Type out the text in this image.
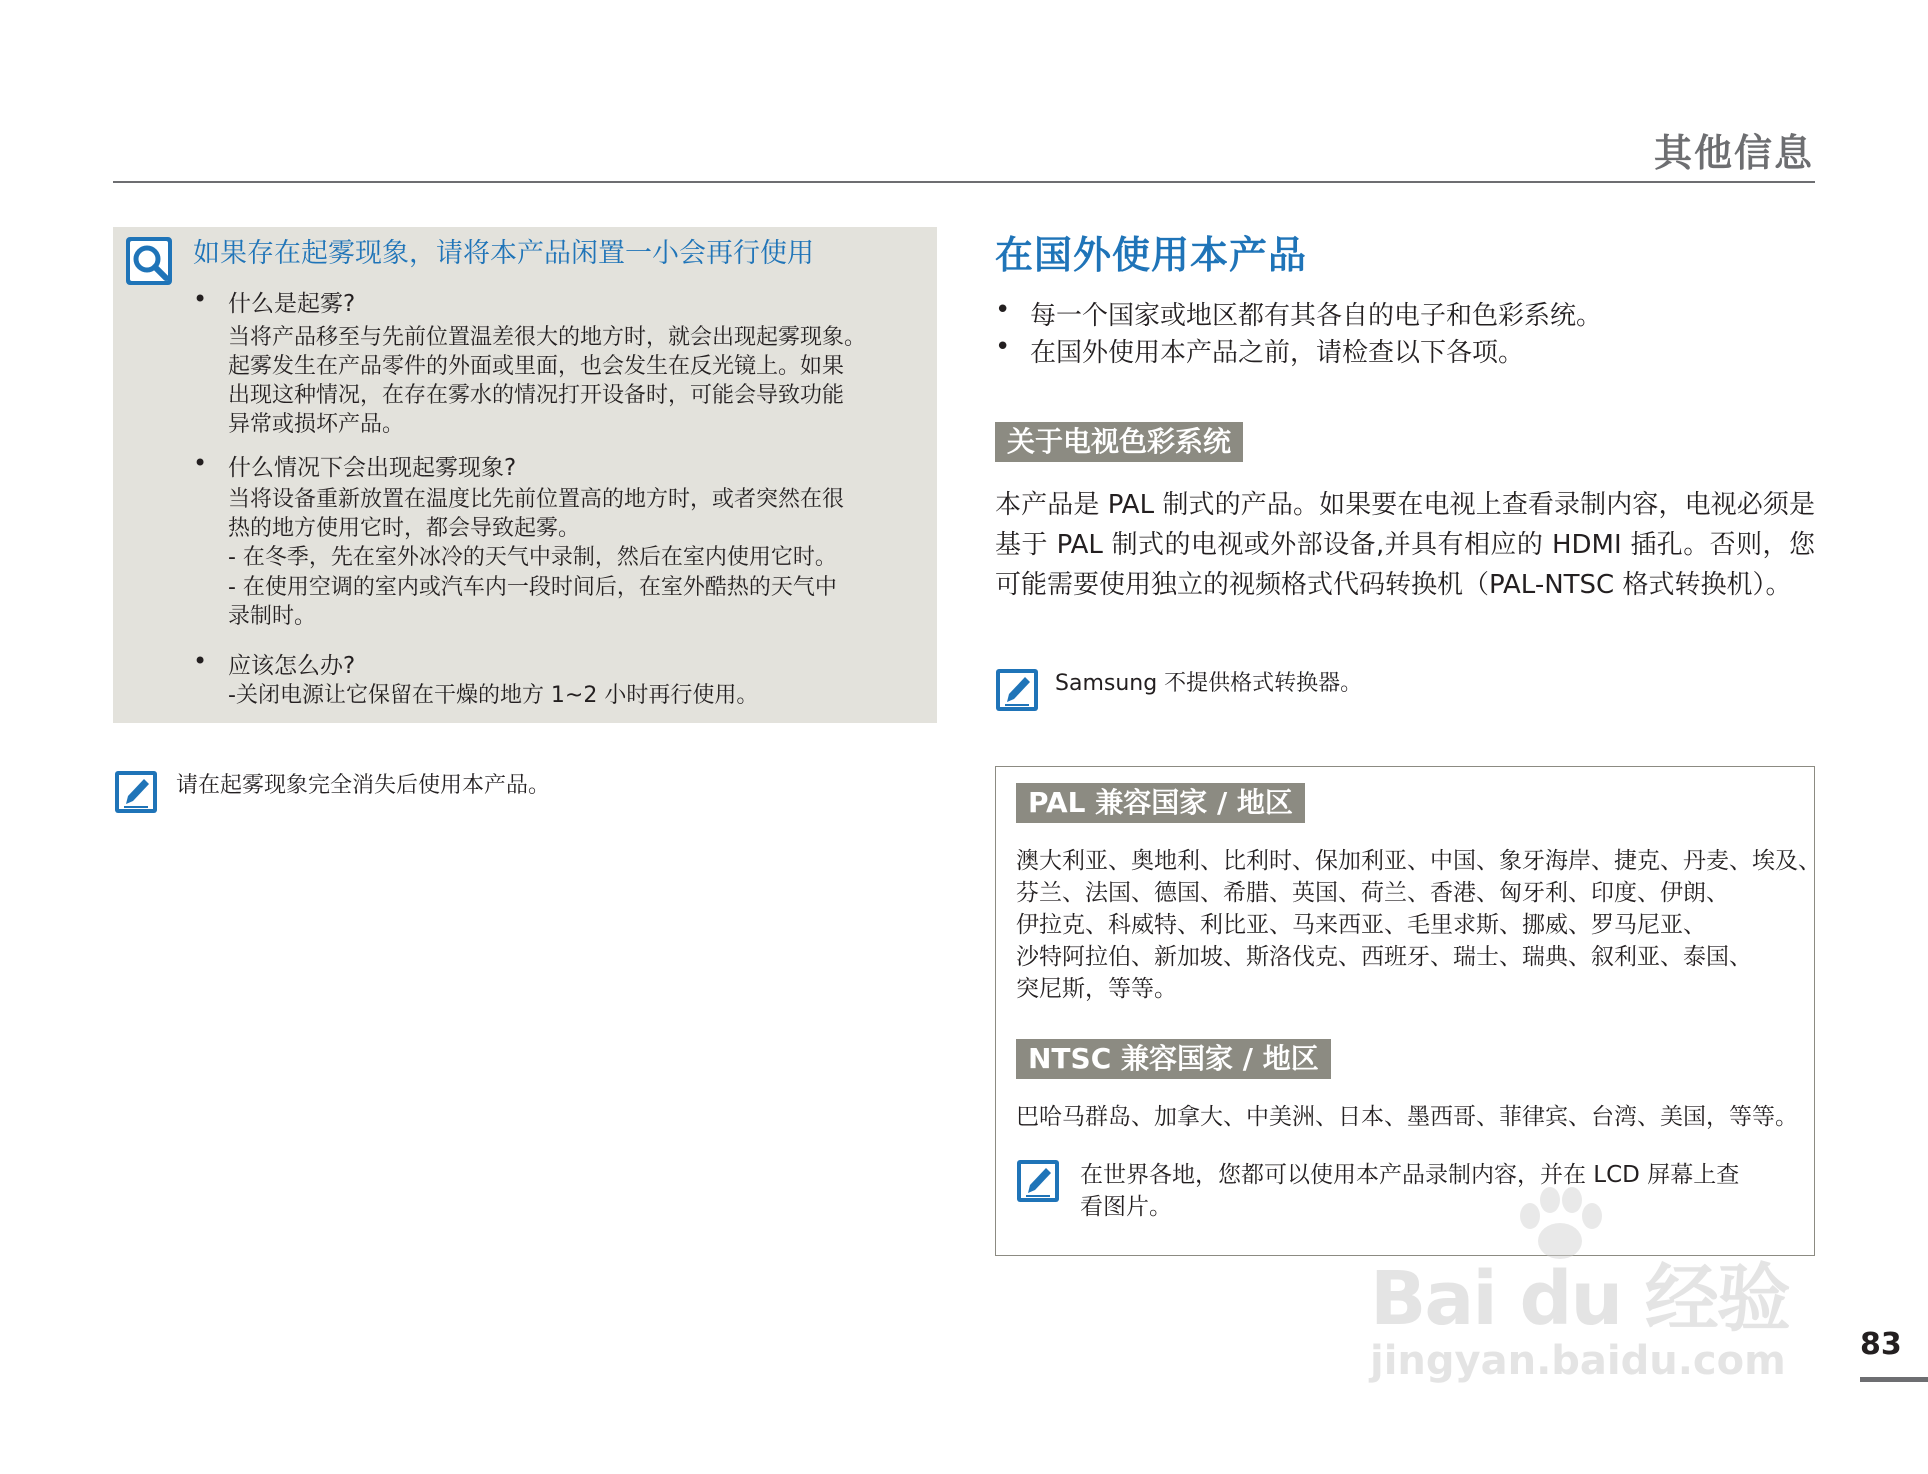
其他信息
如果存在起雾现象，请将本产品闲置一小会再行使用
• 什么是起雾?
当将产品移至与先前位置温差很大的地方时，就会出现起雾现象。
起雾发生在产品零件的外面或里面，也会发生在反光镜上。如果
出现这种情况，在存在雾水的情况打开设备时，可能会导致功能
异常或损坏产品。
• 什么情况下会出现起雾现象?
当将设备重新放置在温度比先前位置高的地方时，或者突然在很
热的地方使用它时，都会导致起雾。
- 在冬季，先在室外冰冷的天气中录制，然后在室内使用它时。
- 在使用空调的室内或汽车内一段时间后，在室外酷热的天气中
录制时。
• 应该怎么办?
-关闭电源让它保留在干燥的地方 1~2 小时再行使用。
请在起雾现象完全消失后使用本产品。
在国外使用本产品
• 每一个国家或地区都有其各自的电子和色彩系统。
• 在国外使用本产品之前，请检查以下各项。
关于电视色彩系统
本产品是 PAL 制式的产品。如果要在电视上查看录制内容，电视必须是基于 PAL 制式的电视或外部设备,并具有相应的 HDMI 插孔。否则，您可能需要使用独立的视频格式代码转换机（PAL-NTSC 格式转换机）。
Samsung 不提供格式转换器。
PAL 兼容国家 / 地区
澳大利亚、奥地利、比利时、保加利亚、中国、象牙海岸、捷克、丹麦、埃及、
芬兰、法国、德国、希腊、英国、荷兰、香港、匈牙利、印度、伊朗、
伊拉克、科威特、利比亚、马来西亚、毛里求斯、挪威、罗马尼亚、
沙特阿拉伯、新加坡、斯洛伐克、西班牙、瑞士、瑞典、叙利亚、泰国、
突尼斯，等等。
NTSC 兼容国家 / 地区
巴哈马群岛、加拿大、中美洲、日本、墨西哥、菲律宾、台湾、美国，等等。
在世界各地，您都可以使用本产品录制内容，并在 LCD 屏幕上查
看图片。
Bai du 经验
jingyan.baidu.com 83
